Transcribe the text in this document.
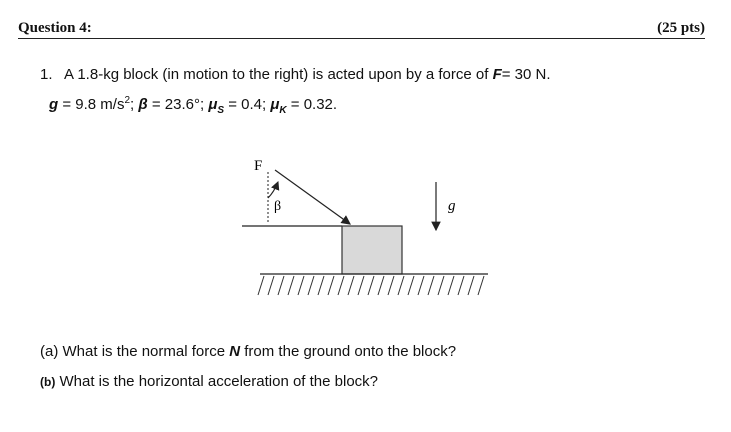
Question 4:	(25 pts)
1. A 1.8-kg block (in motion to the right) is acted upon by a force of F= 30 N.
g = 9.8 $m/s^2$; β = 23.6°; $\mu_S = 0.4$; $\mu_K = 0.32$.
F
β	g
(a) What is the normal force N from the ground onto the block?
(b) What is the horizontal acceleration of the block?
